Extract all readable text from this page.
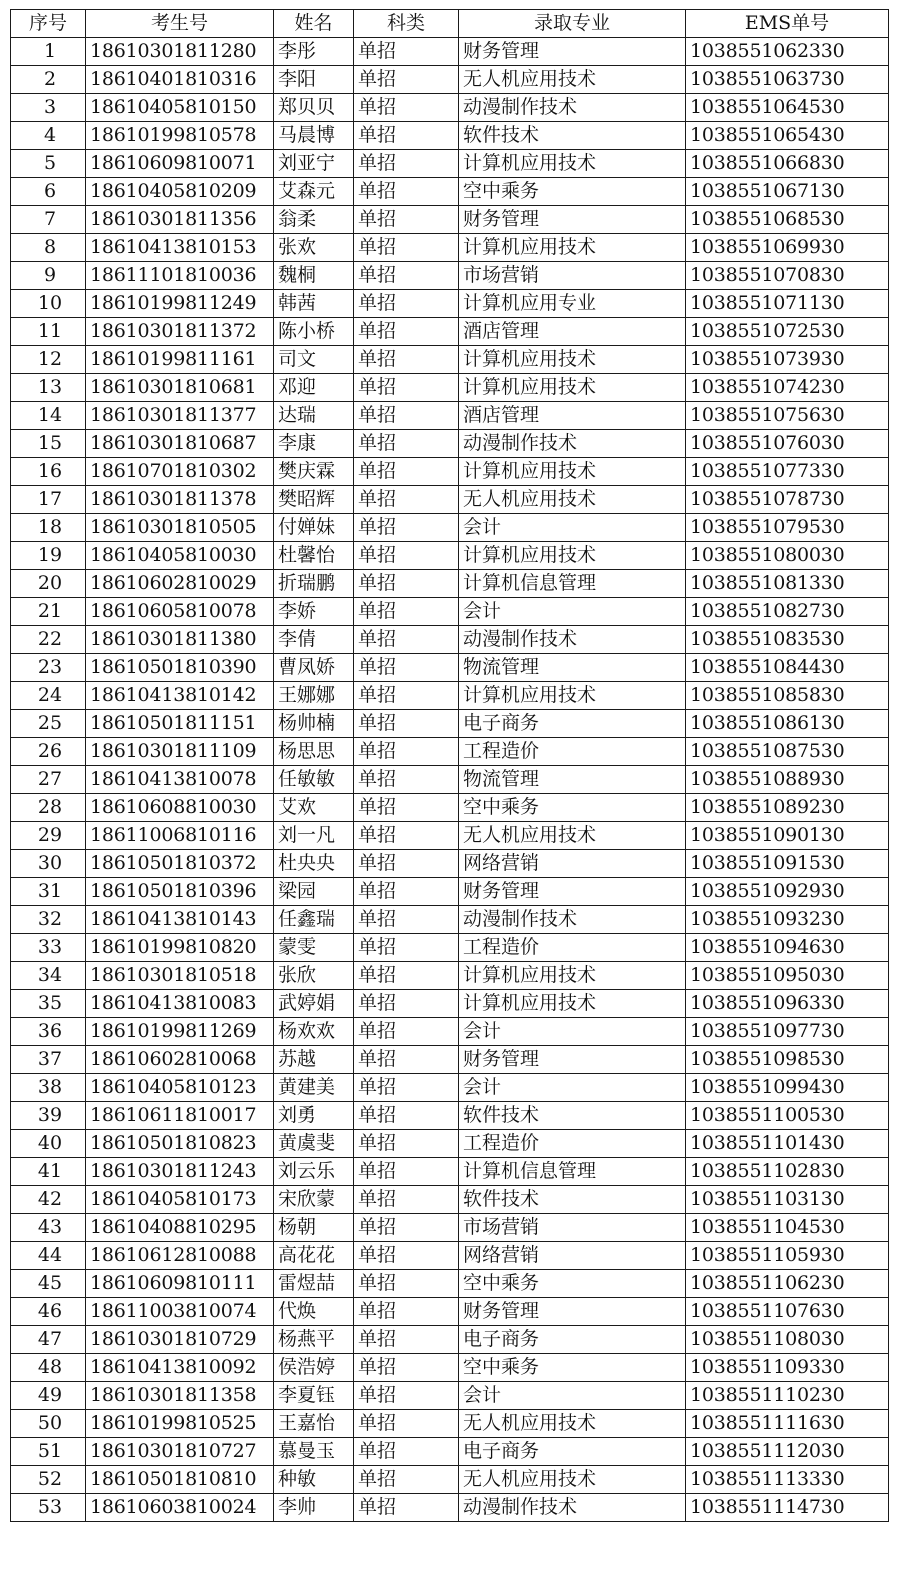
序号	考生号	姓名	科类	录取专业	EMS单号
1	18610301811280	李彤	单招	财务管理	1038551062330
2	18610401810316	李阳	单招	无人机应用技术	1038551063730
3	18610405810150	郑贝贝	单招	动漫制作技术	1038551064530
4	18610199810578	马晨博	单招	软件技术	1038551065430
5	18610609810071	刘亚宁	单招	计算机应用技术	1038551066830
6	18610405810209	艾森元	单招	空中乘务	1038551067130
7	18610301811356	翁柔	单招	财务管理	1038551068530
8	18610413810153	张欢	单招	计算机应用技术	1038551069930
9	18611101810036	魏桐	单招	市场营销	1038551070830
10	18610199811249	韩茜	单招	计算机应用专业	1038551071130
11	18610301811372	陈小桥	单招	酒店管理	1038551072530
12	18610199811161	司文	单招	计算机应用技术	1038551073930
13	18610301810681	邓迎	单招	计算机应用技术	1038551074230
14	18610301811377	达瑞	单招	酒店管理	1038551075630
15	18610301810687	李康	单招	动漫制作技术	1038551076030
16	18610701810302	樊庆霖	单招	计算机应用技术	1038551077330
17	18610301811378	樊昭辉	单招	无人机应用技术	1038551078730
18	18610301810505	付婵妹	单招	会计	1038551079530
19	18610405810030	杜馨怡	单招	计算机应用技术	1038551080030
20	18610602810029	折瑞鹏	单招	计算机信息管理	1038551081330
21	18610605810078	李娇	单招	会计	1038551082730
22	18610301811380	李倩	单招	动漫制作技术	1038551083530
23	18610501810390	曹凤娇	单招	物流管理	1038551084430
24	18610413810142	王娜娜	单招	计算机应用技术	1038551085830
25	18610501811151	杨帅楠	单招	电子商务	1038551086130
26	18610301811109	杨思思	单招	工程造价	1038551087530
27	18610413810078	任敏敏	单招	物流管理	1038551088930
28	18610608810030	艾欢	单招	空中乘务	1038551089230
29	18611006810116	刘一凡	单招	无人机应用技术	1038551090130
30	18610501810372	杜央央	单招	网络营销	1038551091530
31	18610501810396	梁园	单招	财务管理	1038551092930
32	18610413810143	任鑫瑞	单招	动漫制作技术	1038551093230
33	18610199810820	蒙雯	单招	工程造价	1038551094630
34	18610301810518	张欣	单招	计算机应用技术	1038551095030
35	18610413810083	武婷娟	单招	计算机应用技术	1038551096330
36	18610199811269	杨欢欢	单招	会计	1038551097730
37	18610602810068	苏越	单招	财务管理	1038551098530
38	18610405810123	黄建美	单招	会计	1038551099430
39	18610611810017	刘勇	单招	软件技术	1038551100530
40	18610501810823	黄虞斐	单招	工程造价	1038551101430
41	18610301811243	刘云乐	单招	计算机信息管理	1038551102830
42	18610405810173	宋欣蒙	单招	软件技术	1038551103130
43	18610408810295	杨朝	单招	市场营销	1038551104530
44	18610612810088	高花花	单招	网络营销	1038551105930
45	18610609810111	雷煜喆	单招	空中乘务	1038551106230
46	18611003810074	代焕	单招	财务管理	1038551107630
47	18610301810729	杨燕平	单招	电子商务	1038551108030
48	18610413810092	侯浩婷	单招	空中乘务	1038551109330
49	18610301811358	李夏钰	单招	会计	1038551110230
50	18610199810525	王嘉怡	单招	无人机应用技术	1038551111630
51	18610301810727	慕曼玉	单招	电子商务	1038551112030
52	18610501810810	种敏	单招	无人机应用技术	1038551113330
53	18610603810024	李帅	单招	动漫制作技术	1038551114730
